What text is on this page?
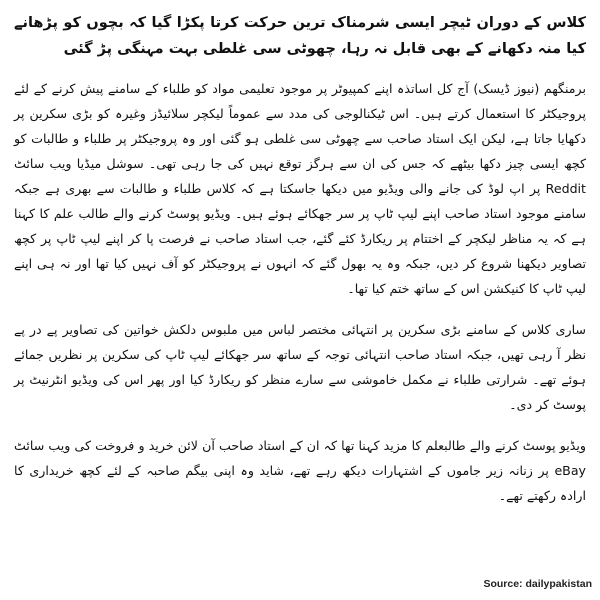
کلاس کے دوران ٹیچر ایسی شرمناک ترین حرکت کرتا پکڑا گیا کہ بچوں کو پڑھانے کیا منہ دکھانے کے بھی قابل نہ رہا، چھوٹی سی غلطی بہت مہنگی پڑ گئی

برمنگھم (نیوز ڈیسک) آج کل اساتذہ اپنے کمپیوٹر پر موجود تعلیمی مواد کو طلباء کے سامنے پیش کرنے کے لئے پروجیکٹر کا استعمال کرتے ہیں۔ اس ٹیکنالوجی کی مدد سے عموماً لیکچر سلائیڈز وغیرہ کو بڑی سکرین پر دکھایا جاتا ہے، لیکن ایک استاد صاحب سے چھوٹی سی غلطی ہو گئی اور وہ پروجیکٹر پر طلباء و طالبات کو کچھ ایسی چیز دکھا بیٹھے کہ جس کی ان سے ہرگز توقع نہیں کی جا رہی تھی۔ سوشل میڈیا ویب سائٹ Reddit پر اپ لوڈ کی جانے والی ویڈیو میں دیکھا جاسکتا ہے کہ کلاس طلباء و طالبات سے بھری ہے جبکہ سامنے موجود استاد صاحب اپنے لیپ ٹاپ پر سر جھکائے ہوئے ہیں۔ ویڈیو پوسٹ کرنے والے طالب علم کا کہنا ہے کہ یہ مناظر لیکچر کے اختتام پر ریکارڈ کئے گئے، جب استاد صاحب نے فرصت پا کر اپنے لیپ ٹاپ پر کچھ تصاویر دیکھنا شروع کر دیں، جبکہ وہ یہ بھول گئے کہ انہوں نے پروجیکٹر کو آف نہیں کیا تھا اور نہ ہی اپنے لیپ ٹاپ کا کنیکشن اس کے ساتھ ختم کیا تھا۔

ساری کلاس کے سامنے بڑی سکرین پر انتہائی مختصر لباس میں ملبوس دلکش خواتین کی تصاویر پے در پے نظر آ رہی تھیں، جبکہ استاد صاحب انتہائی توجہ کے ساتھ سر جھکائے لیپ ٹاپ کی سکرین پر نظریں جمائے ہوئے تھے۔ شرارتی طلباء نے مکمل خاموشی سے سارے منظر کو ریکارڈ کیا اور پھر اس کی ویڈیو انٹرنیٹ پر پوسٹ کر دی۔

ویڈیو پوسٹ کرنے والے طالبعلم کا مزید کہنا تھا کہ ان کے استاد صاحب آن لائن خرید و فروخت کی ویب سائٹ eBay پر زنانہ زیر جاموں کے اشتہارات دیکھ رہے تھے، شاید وہ اپنی بیگم صاحبہ کے لئے کچھ خریداری کا ارادہ رکھتے تھے۔

Source: dailypakistan
